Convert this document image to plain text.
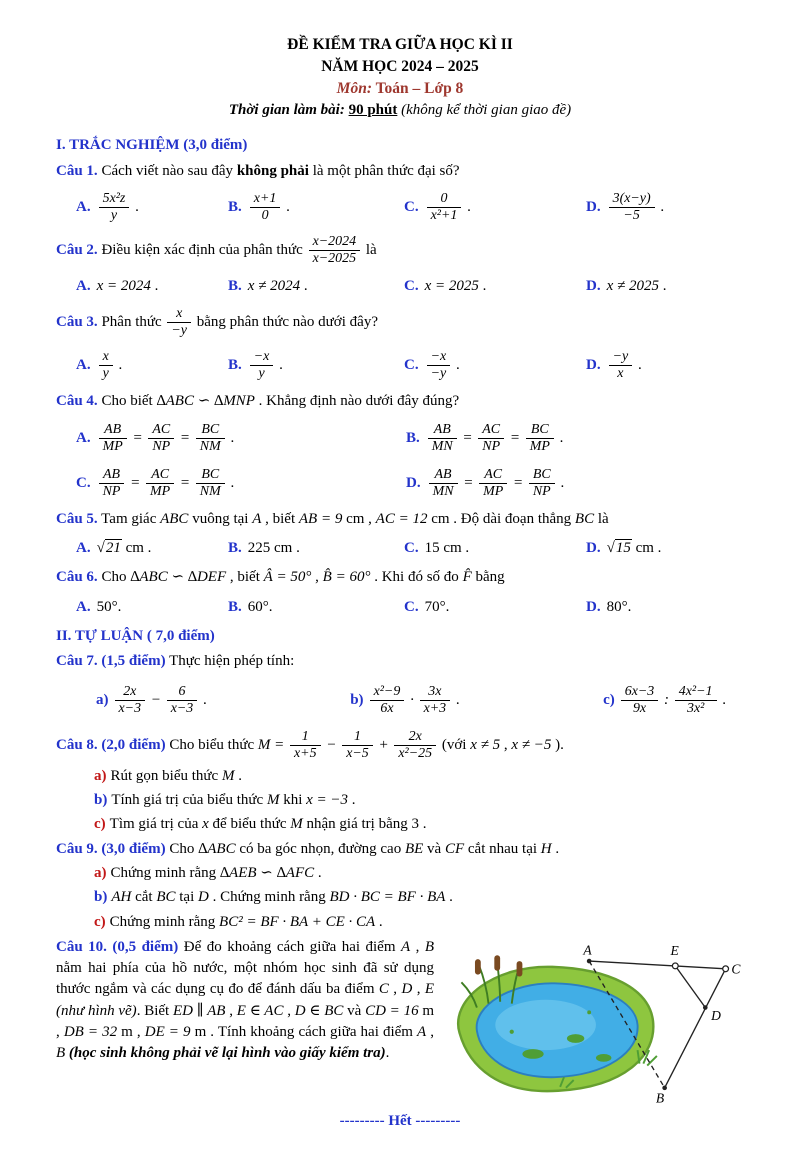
ĐỀ KIỂM TRA GIỮA HỌC KÌ II
NĂM HỌC 2024 – 2025
Môn: Toán – Lớp 8
Thời gian làm bài: 90 phút (không kể thời gian giao đề)
I. TRẮC NGHIỆM (3,0 điểm)

Câu 1. Cách viết nào sau đây không phải là một phân thức đại số?

A. $\frac{\text{5x²z}}{y}$ .	B. $\frac{x+1}{0}$ .	C. $\frac{0}{\text{x²+1}}$ .	D. $\frac{3(x-y)}{-5}$ .

Câu 2. Điều kiện xác định của phân thức $\frac{x-2024}{x-2025}$ là

A. x = 2024 .	B. x ≠ 2024 .	C. x = 2025 .	D. x ≠ 2025 .

Câu 3. Phân thức $\frac{x}{-y}$ bằng phân thức nào dưới đây?

A. $\frac{x}{y}$ .	B. $\frac{-x}{y}$ .	C. $\frac{-x}{-y}$ .	D. $\frac{-y}{x}$ .

Câu 4. Cho biết ∆ABC ∽ ∆MNP . Khẳng định nào dưới đây đúng?

A. $\frac{AB}{MP} = \frac{AC}{NP} = \frac{BC}{NM}$ .	B. $\frac{AB}{MN} = \frac{AC}{NP} = \frac{BC}{MP}$ .
C. $\frac{AB}{NP} = \frac{AC}{MP} = \frac{BC}{NM}$ .	D. $\frac{AB}{MN} = \frac{AC}{MP} = \frac{BC}{NP}$ .

Câu 5. Tam giác ABC vuông tại A , biết AB = 9 cm , AC = 12 cm . Độ dài đoạn thẳng BC là

A. √21 cm .	B. 225 cm .	C. 15 cm .	D. √15 cm .

Câu 6. Cho ∆ABC ∽ ∆DEF , biết Â = 50° , B̂ = 60° . Khi đó số đo F̂ bằng

A. 50°.	B. 60°.	C. 70°.	D. 80°.
II. TỰ LUẬN ( 7,0 điểm)

Câu 7. (1,5 điểm) Thực hiện phép tính:

$a) \frac{2x}{x-3} - \frac{6}{x-3}$ .	$b) \frac{\text{x²−9}}{6x} \cdot \frac{3x}{x+3}$ .	$c) \frac{6x-3}{9x}$ : $\frac{\text{4x²−1}}{\text{3x²}}$ .

Câu 8. (2,0 điểm) Cho biểu thức $M = \frac{1}{x+5} - \frac{1}{x-5} + \frac{2x}{\text{x²−25}}$ (với x ≠ 5 , x ≠ −5 ).

a) Rút gọn biểu thức M .

b) Tính giá trị của biểu thức M khi x = −3 .

c) Tìm giá trị của x để biểu thức M nhận giá trị bằng 3 .

Câu 9. (3,0 điểm) Cho ∆ABC có ba góc nhọn, đường cao BE và CF cắt nhau tại H .

a) Chứng minh rằng ∆AEB ∽ ∆AFC .

b) AH cắt BC tại D . Chứng minh rằng BD · BC = BF · BA .

c) Chứng minh rằng BC² = BF · BA + CE · CA .

A	E
C
D
B

Câu 10. (0,5 điểm) Để đo khoảng cách giữa hai điểm A , B nằm hai phía của hồ nước, một nhóm học sinh đã sử dụng thước ngắm và các dụng cụ đo để đánh dấu ba điểm C , D , E (như hình vẽ). Biết ED ∥ AB , E ∈ AC , D ∈ BC và CD = 16 m , DB = 32 m , DE = 9 m . Tính khoảng cách giữa hai điểm A , B (học sinh không phải vẽ lại hình vào giấy kiểm tra).

--------- Hết ---------
